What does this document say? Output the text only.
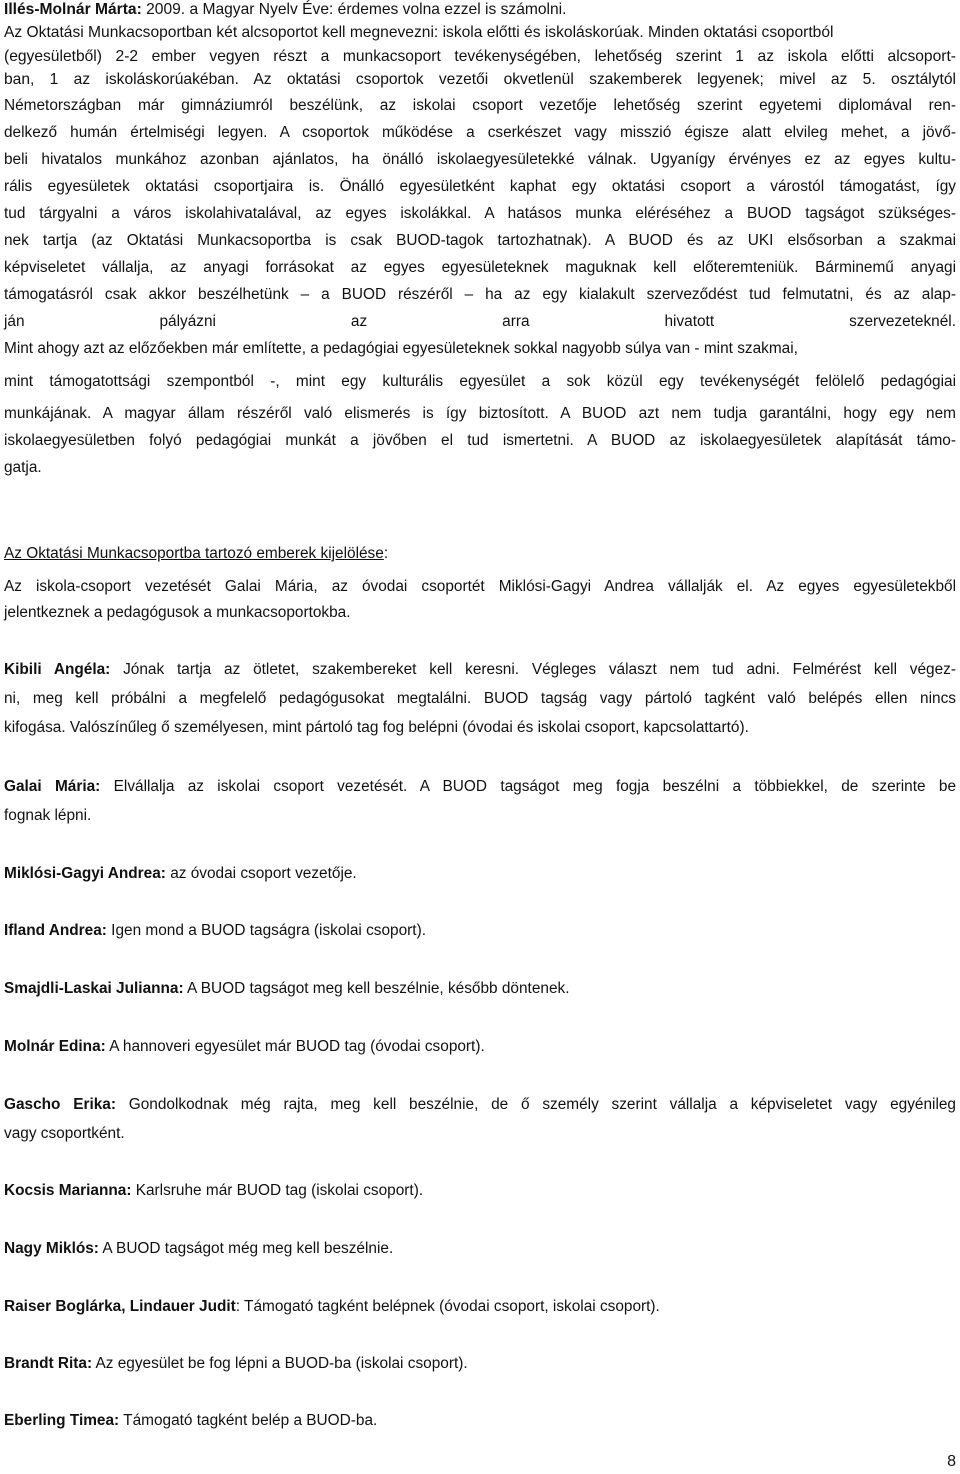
Illés-Molnár Márta: 2009. a Magyar Nyelv Éve: érdemes volna ezzel is számolni.

Az Oktatási Munkacsoportban két alcsoportot kell megnevezni: iskola előtti és iskoláskorúak. Minden oktatási csoportból

(egyesületből) 2-2 ember vegyen részt a munkacsoport tevékenységében, lehetőség szerint 1 az iskola előtti alcsoport-

ban, 1 az iskoláskorúakéban. Az oktatási csoportok vezetői okvetlenül szakemberek legyenek; mivel az 5. osztálytól

Németországban már gimnáziumról beszélünk, az iskolai csoport vezetője lehetőség szerint egyetemi diplomával ren-

delkező humán értelmiségi legyen. A csoportok működése a cserkészet vagy misszió égisze alatt elvileg mehet, a jövő-

beli hivatalos munkához azonban ajánlatos, ha önálló iskolaegyesületekké válnak. Ugyanígy érvényes ez az egyes kultu-

rális egyesületek oktatási csoportjaira is. Önálló egyesületként kaphat egy oktatási csoport a várostól támogatást, így

tud tárgyalni a város iskolahivatalával, az egyes iskolákkal. A hatásos munka eléréséhez a BUOD tagságot szükséges-

nek tartja (az Oktatási Munkacsoportba is csak BUOD-tagok tartozhatnak). A BUOD és az UKI elsősorban a szakmai

képviseletet vállalja, az anyagi forrásokat az egyes egyesületeknek maguknak kell előteremteniük. Bárminemű anyagi

támogatásról csak akkor beszélhetünk – a BUOD részéről – ha az egy kialakult szerveződést tud felmutatni, és az alap-

ján pályázni az arra hivatott szervezeteknél.

Mint ahogy azt az előzőekben már említette, a pedagógiai egyesületeknek sokkal nagyobb súlya van - mint szakmai,

mint támogatottsági szempontból -, mint egy kulturális egyesület a sok közül egy tevékenységét felölelő pedagógiai

munkájának. A magyar állam részéről való elismerés is így biztosított. A BUOD azt nem tudja garantálni, hogy egy nem

iskolaegyesületben folyó pedagógiai munkát a jövőben el tud ismertetni. A BUOD az iskolaegyesületek alapítását támo-

gatja.

Az Oktatási Munkacsoportba tartozó emberek kijelölése:

Az iskola-csoport vezetését Galai Mária, az óvodai csoportét Miklósi-Gagyi Andrea vállalják el. Az egyes egyesületekből

jelentkeznek a pedagógusok a munkacsoportokba.

Kibili Angéla: Jónak tartja az ötletet, szakembereket kell keresni. Végleges választ nem tud adni. Felmérést kell végez-

ni, meg kell próbálni a megfelelő pedagógusokat megtalálni. BUOD tagság vagy pártoló tagként való belépés ellen nincs

kifogása. Valószínűleg ő személyesen, mint pártoló tag fog belépni (óvodai és iskolai csoport, kapcsolattartó).

Galai Mária: Elvállalja az iskolai csoport vezetését. A BUOD tagságot meg fogja beszélni a többiekkel, de szerinte be

fognak lépni.

Miklósi-Gagyi Andrea: az óvodai csoport vezetője.

Ifland Andrea: Igen mond a BUOD tagságra (iskolai csoport).

Smajdli-Laskai Julianna: A BUOD tagságot meg kell beszélnie, később döntenek.

Molnár Edina: A hannoveri egyesület már BUOD tag (óvodai csoport).

Gascho Erika: Gondolkodnak még rajta, meg kell beszélnie, de ő személy szerint vállalja a képviseletet vagy egyénileg

vagy csoportként.

Kocsis Marianna: Karlsruhe már BUOD tag (iskolai csoport).

Nagy Miklós: A BUOD tagságot még meg kell beszélnie.

Raiser Boglárka, Lindauer Judit: Támogató tagként belépnek (óvodai csoport, iskolai csoport).

Brandt Rita: Az egyesület be fog lépni a BUOD-ba (iskolai csoport).

Eberling Timea: Támogató tagként belép a BUOD-ba.

8
